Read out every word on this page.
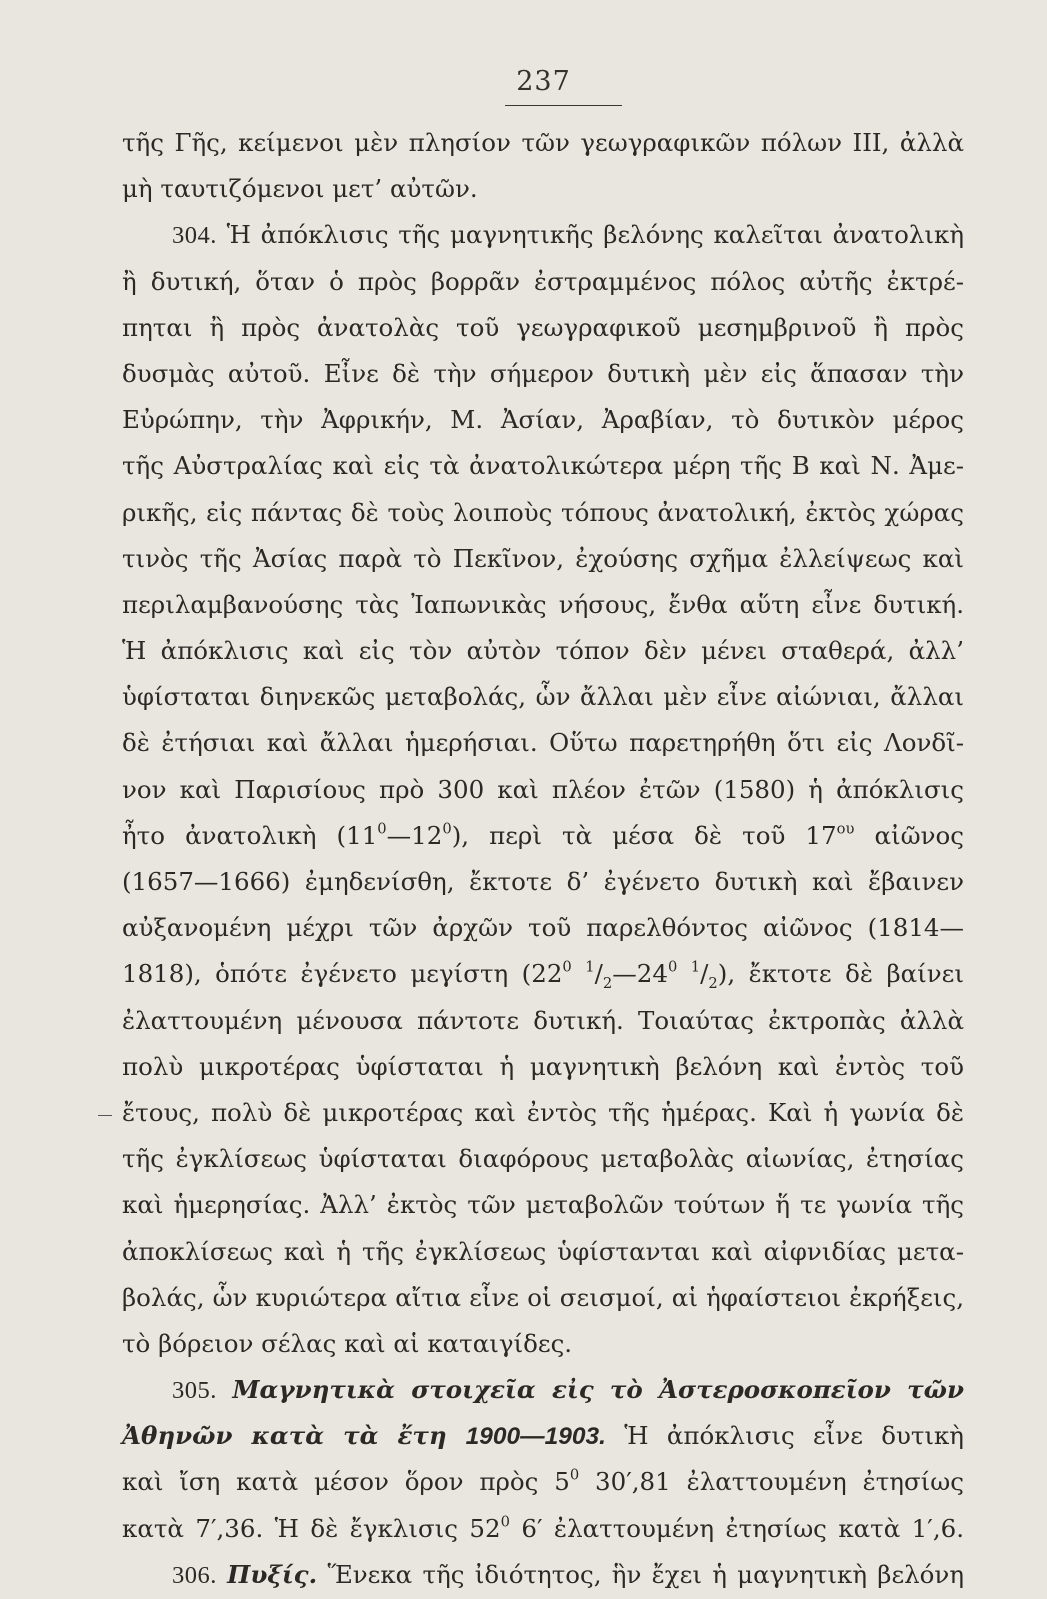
237
τῆς Γῆς, κείμενοι μὲν πλησίον τῶν γεωγραφικῶν πόλων ΙΙΙ, ἀλλὰ
μὴ ταυτιζόμενοι μετ’ αὐτῶν.
304. Ἡ ἀπόκλισις τῆς μαγνητικῆς βελόνης καλεῖται ἀνατολικὴ
ἢ δυτική, ὅταν ὁ πρὸς βορρᾶν ἐστραμμένος πόλος αὐτῆς ἐκτρέ-
πηται ἢ πρὸς ἀνατολὰς τοῦ γεωγραφικοῦ μεσημβρινοῦ ἢ πρὸς
δυσμὰς αὐτοῦ. Εἶνε δὲ τὴν σήμερον δυτικὴ μὲν εἰς ἅπασαν τὴν
Εὐρώπην, τὴν Ἀφρικήν, Μ. Ἀσίαν, Ἀραβίαν, τὸ δυτικὸν μέρος
τῆς Αὐστραλίας καὶ εἰς τὰ ἀνατολικώτερα μέρη τῆς Β καὶ Ν. Ἀμε-
ρικῆς, εἰς πάντας δὲ τοὺς λοιποὺς τόπους ἀνατολική, ἐκτὸς χώρας
τινὸς τῆς Ἀσίας παρὰ τὸ Πεκῖνον, ἐχούσης σχῆμα ἐλλείψεως καὶ
περιλαμβανούσης τὰς Ἰαπωνικὰς νήσους, ἔνθα αὕτη εἶνε δυτική.
Ἡ ἀπόκλισις καὶ εἰς τὸν αὐτὸν τόπον δὲν μένει σταθερά, ἀλλ’
ὑφίσταται διηνεκῶς μεταβολάς, ὧν ἄλλαι μὲν εἶνε αἰώνιαι, ἄλλαι
δὲ ἐτήσιαι καὶ ἄλλαι ἡμερήσιαι. Οὕτω παρετηρήθη ὅτι εἰς Λονδῖ-
νον καὶ Παρισίους πρὸ 300 καὶ πλέον ἐτῶν (1580) ἡ ἀπόκλισις
ἦτο ἀνατολικὴ $(11^0—12^0)$, περὶ τὰ μέσα δὲ τοῦ $17^{o\upsilon}$ αἰῶνος
(1657—1666) ἐμηδενίσθη, ἔκτοτε δ’ ἐγένετο δυτικὴ καὶ ἔβαινεν
αὐξανομένη μέχρι τῶν ἀρχῶν τοῦ παρελθόντος αἰῶνος (1814—
1818), ὁπότε ἐγένετο μεγίστη ($22^0$ $^1/_2—24^0$ $^1/_2$), ἔκτοτε δὲ βαίνει
ἐλαττουμένη μένουσα πάντοτε δυτική. Τοιαύτας ἐκτροπὰς ἀλλὰ
πολὺ μικροτέρας ὑφίσταται ἡ μαγνητικὴ βελόνη καὶ ἐντὸς τοῦ
ἔτους, πολὺ δὲ μικροτέρας καὶ ἐντὸς τῆς ἡμέρας. Καὶ ἡ γωνία δὲ
τῆς ἐγκλίσεως ὑφίσταται διαφόρους μεταβολὰς αἰωνίας, ἐτησίας
καὶ ἡμερησίας. Ἀλλ’ ἐκτὸς τῶν μεταβολῶν τούτων ἥ τε γωνία τῆς
ἀποκλίσεως καὶ ἡ τῆς ἐγκλίσεως ὑφίστανται καὶ αἰφνιδίας μετα-
βολάς, ὧν κυριώτερα αἴτια εἶνε οἱ σεισμοί, αἱ ἡφαίστειοι ἐκρήξεις,
τὸ βόρειον σέλας καὶ αἱ καταιγίδες.
305. Μαγνητικὰ στοιχεῖα εἰς τὸ Ἀστεροσκοπεῖον τῶν
Ἀθηνῶν κατὰ τὰ ἔτη 1900—1903. Ἡ ἀπόκλισις εἶνε δυτικὴ
καὶ ἴση κατὰ μέσον ὅρον πρὸς $5^0$ 30′,81 ἐλαττουμένη ἐτησίως
κατὰ 7′,36. Ἡ δὲ ἔγκλισις $52^0$ 6′ ἐλαττουμένη ἐτησίως κατὰ 1′,6.
306. Πυξίς. Ἕνεκα τῆς ἰδιότητος, ἣν ἔχει ἡ μαγνητικὴ βελόνη
